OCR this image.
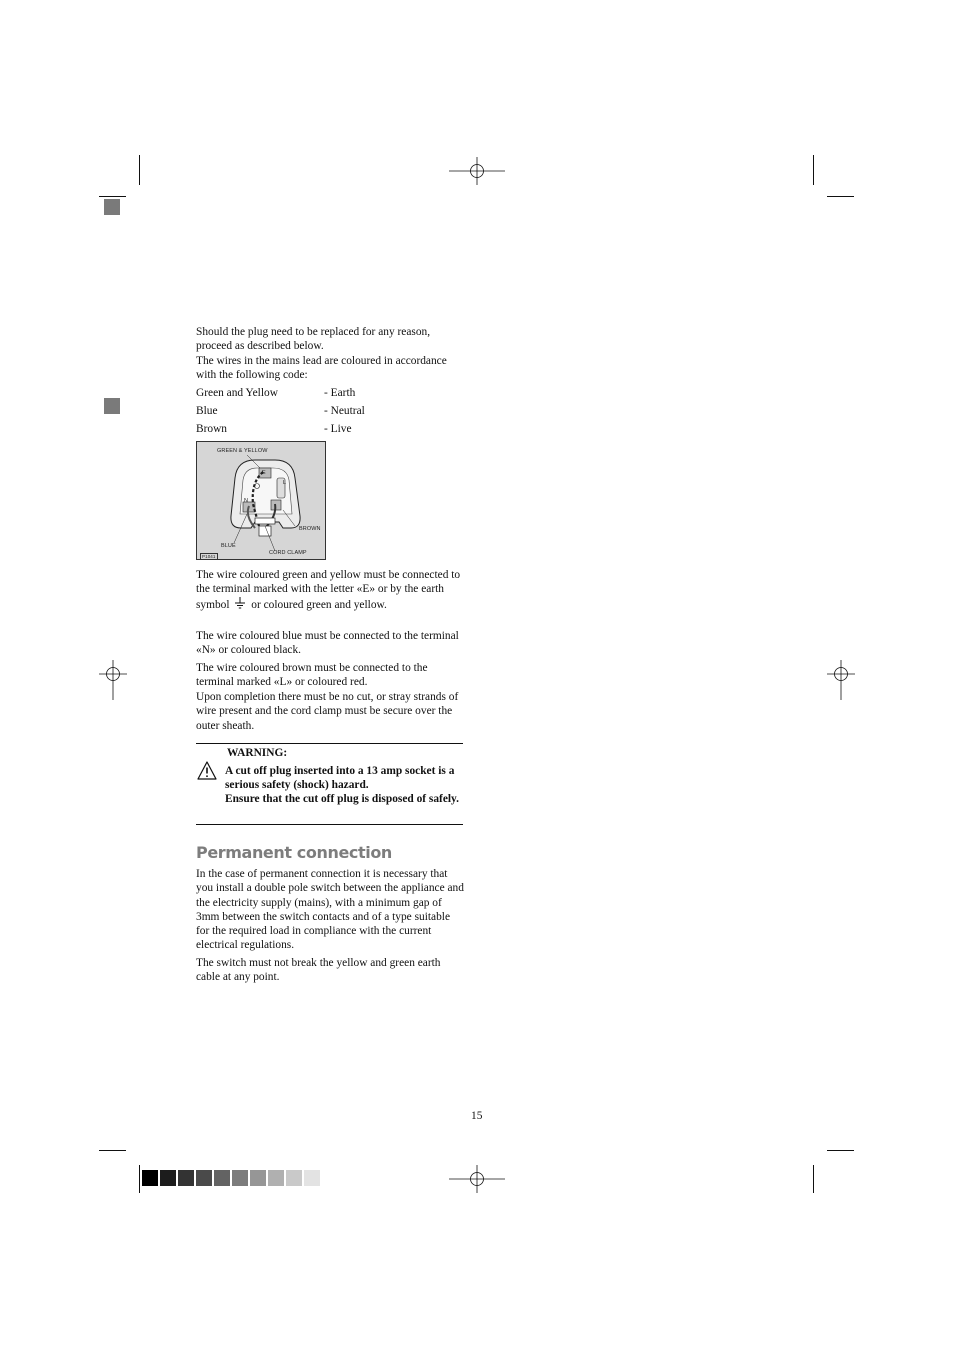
Should the plug need to be replaced for any reason, proceed as described below.

The wires in the mains lead are coloured in accordance with the following code:

Green and Yellow	- Earth
Blue	- Neutral
Brown	- Live
GREEN & YELLOW
E
N
L
BROWN
BLUE
CORD CLAMP
P1041

The wire coloured green and yellow must be connected to the terminal marked with the letter «E» or by the earth symbol or coloured green and yellow.

The wire coloured blue must be connected to the terminal «N» or coloured black.

The wire coloured brown must be connected to the terminal marked «L» or coloured red.

Upon completion there must be no cut, or stray strands of wire present and the cord clamp must be secure over the outer sheath.

WARNING:

A cut off plug inserted into a 13 amp socket is a serious safety (shock) hazard.
Ensure that the cut off plug is disposed of safely.

Permanent connection

In the case of permanent connection it is necessary that you install a double pole switch between the appliance and the electricity supply (mains), with a minimum gap of 3mm between the switch contacts and of a type suitable for the required load in compliance with the current electrical regulations.

The switch must not break the yellow and green earth cable at any point.

15
